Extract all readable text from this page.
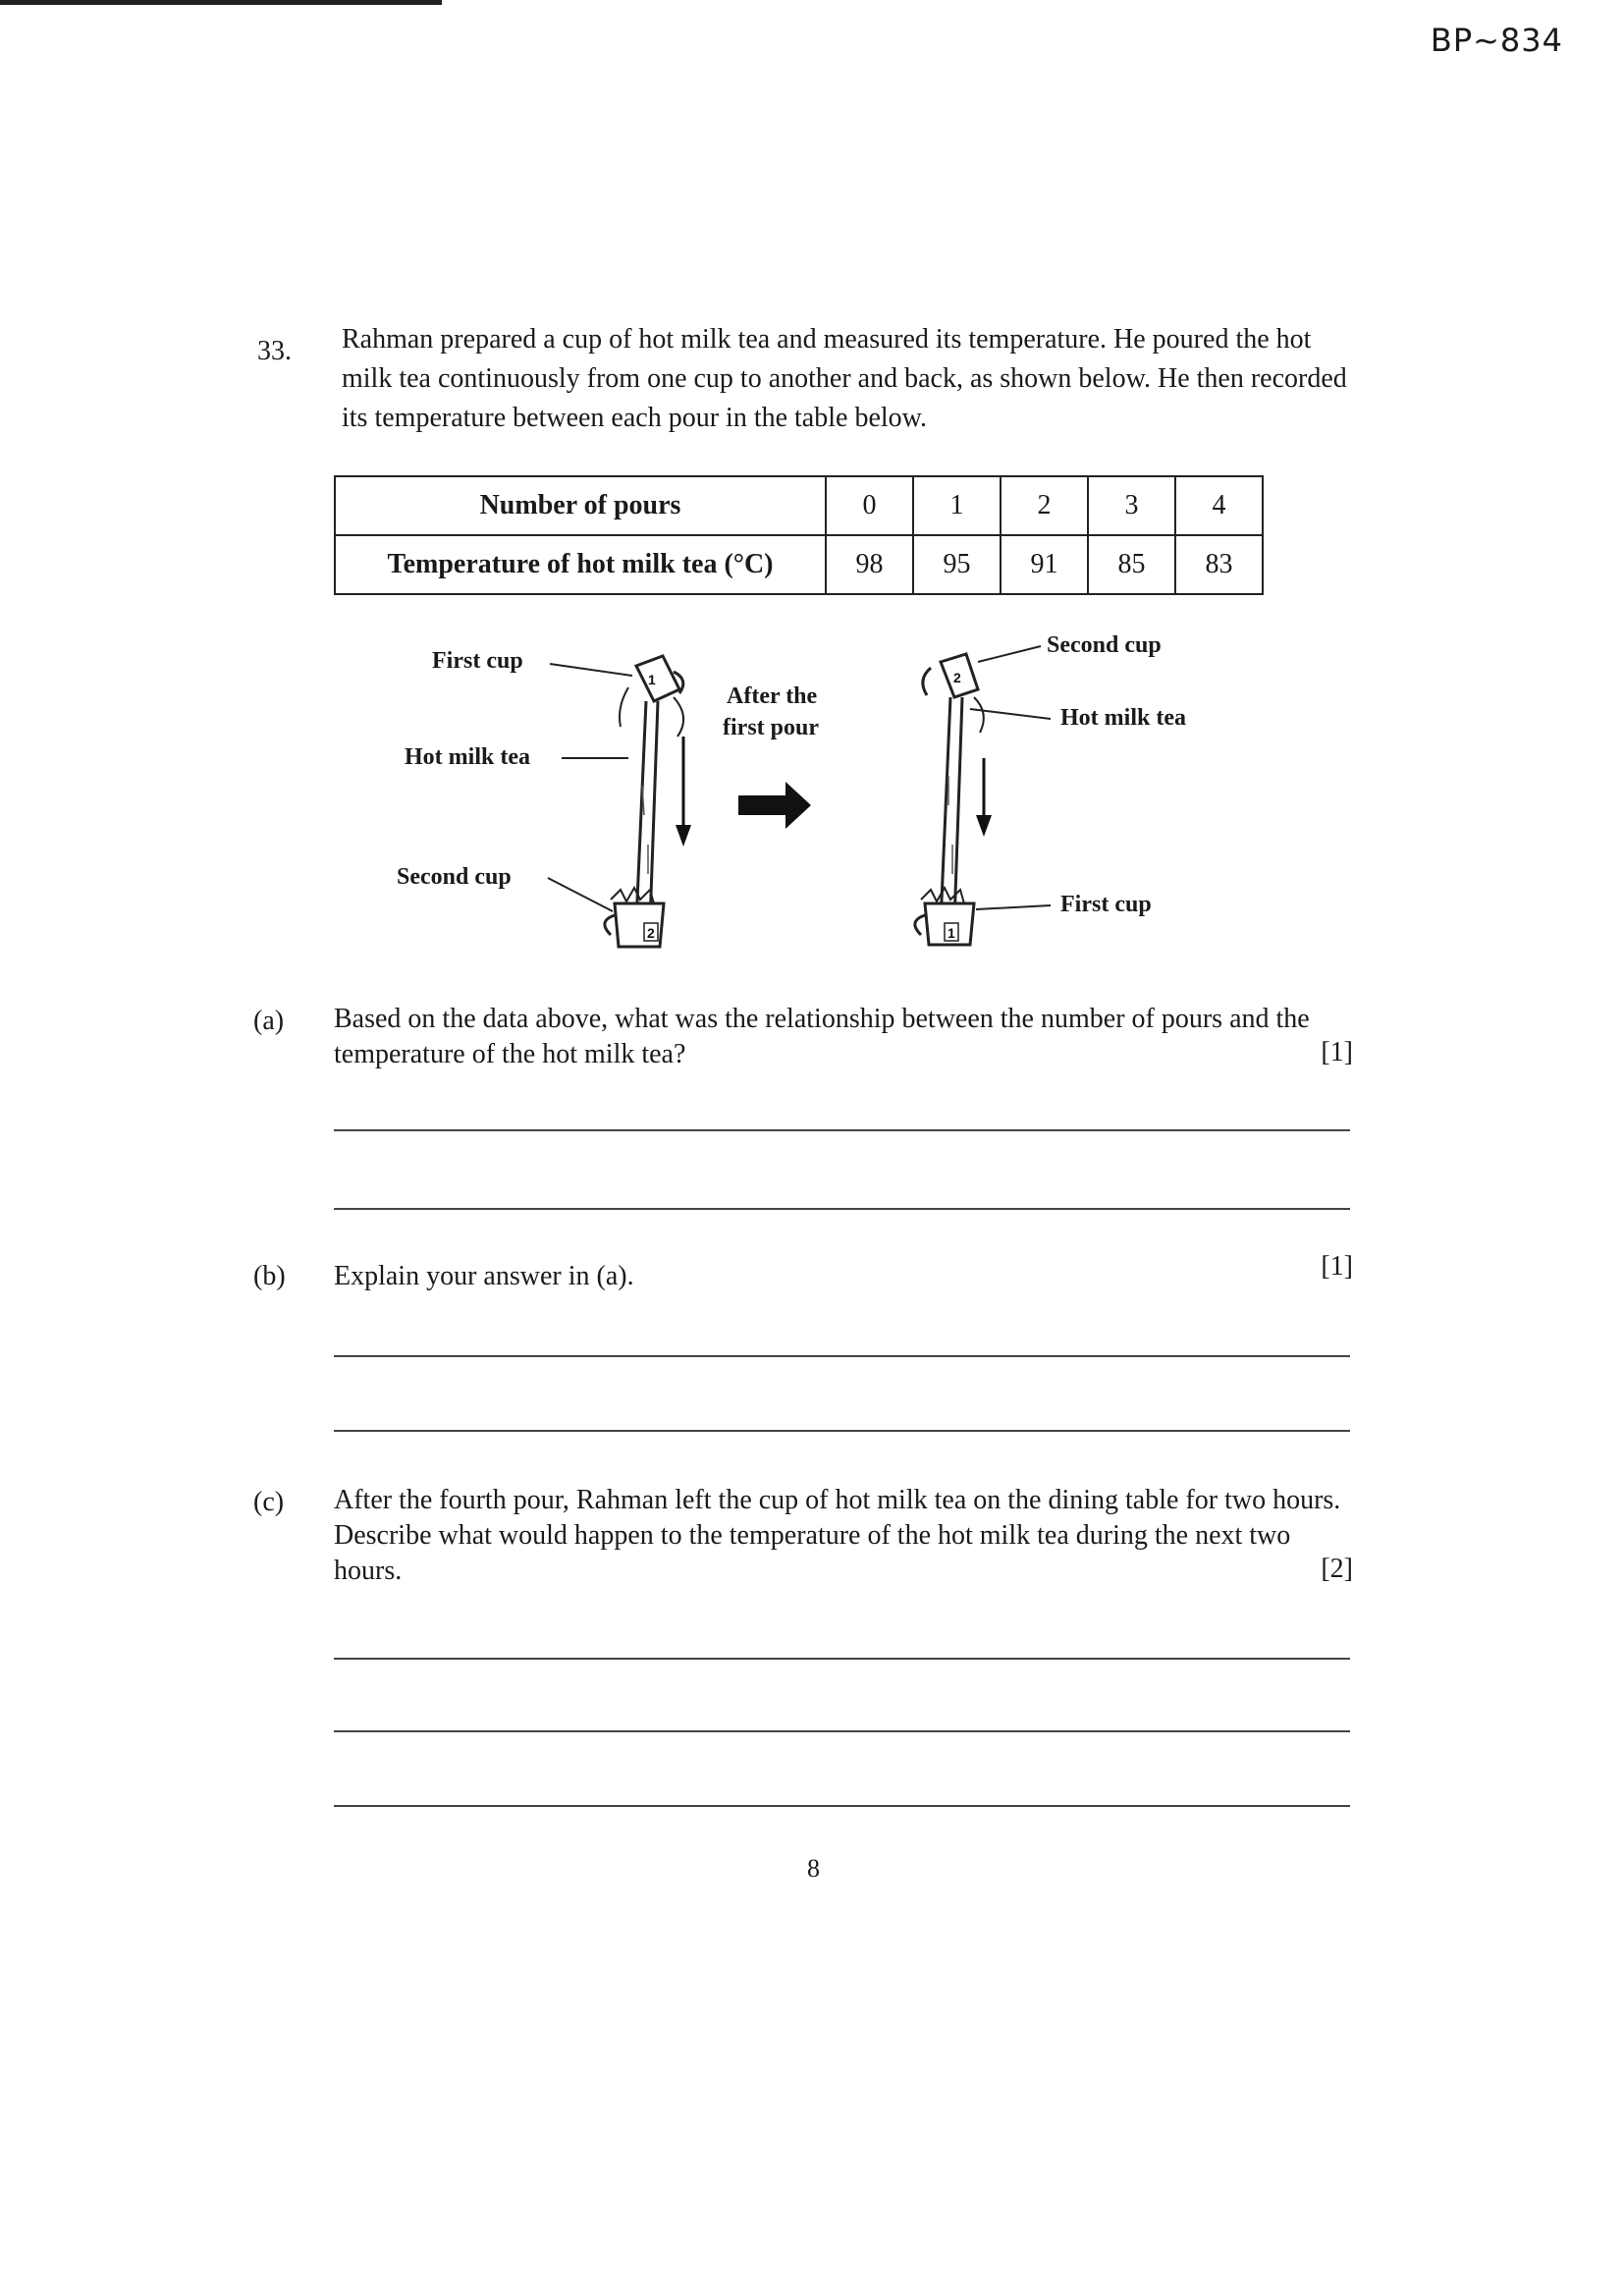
BP~834
33. Rahman prepared a cup of hot milk tea and measured its temperature. He poured the hot milk tea continuously from one cup to another and back, as shown below. He then recorded its temperature between each pour in the table below.
Number of pours	0	1	2	3	4
Temperature of hot milk tea (°C)	98	95	91	85	83
1
2
2
1
First cup
Hot milk tea
Second cup
After the
first pour
Second cup
Hot milk tea
First cup
(a) Based on the data above, what was the relationship between the number of pours and the temperature of the hot milk tea?	[1]
(b) Explain your answer in (a).	[1]
(c) After the fourth pour, Rahman left the cup of hot milk tea on the dining table for two hours. Describe what would happen to the temperature of the hot milk tea during the next two hours.	[2]
8
